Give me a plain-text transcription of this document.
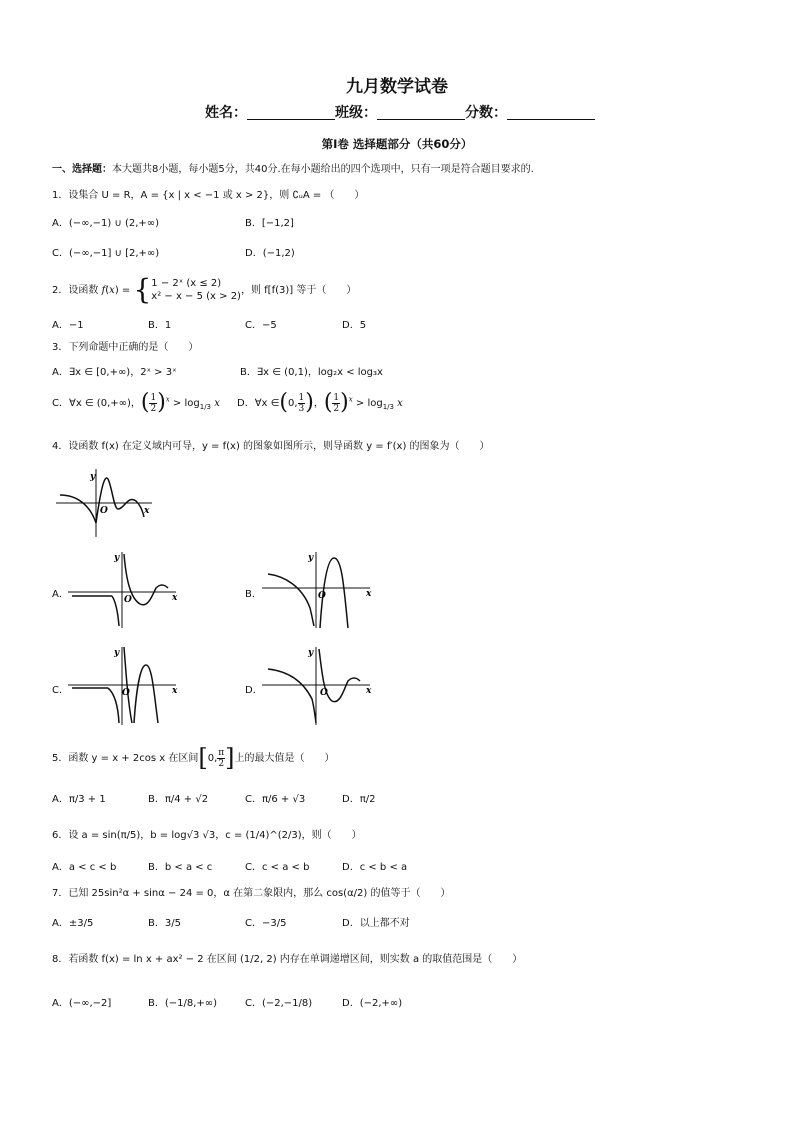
九月数学试卷
姓名：	班级：	分数：
第Ⅰ卷 选择题部分（共60分）
一、选择题：本大题共8小题，每小题5分，共40分.在每小题给出的四个选项中，只有一项是符合题目要求的.
1．设集合 U = R，A = {x | x < −1 或 x > 2}，则 ∁ᵤA = （　　）
A．(−∞,−1) ∪ (2,+∞)	B．[−1,2]
C．(−∞,−1] ∪ [2,+∞)	D．(−1,2)
2．设函数 f(x) = { 1 − 2ˣ (x ≤ 2)
x² − x − 5 (x > 2)
，则 f[f(3)] 等于（　　）
A．−1	B．1	C．−5	D．5
3．下列命题中正确的是（　　）
A．∃x ∈ [0,+∞)，2ˣ > 3ˣ	B．∃x ∈ (0,1)，log₂x < log₃x
C．∀x ∈ (0,+∞)，( $\frac{1}{2} )^x > \log_{1/3} x$ D．∀x ∈(0, $\frac{1}{3}$ )，( $\frac{1}{2} )^x > \log_{1/3} x$
4．设函数 f(x) 在定义域内可导，y = f(x) 的图象如图所示，则导函数 y = f′(x) 的图象为（　　）
y
x
O
A．
y
x
O	B．
y
x
O
C．
y
x
O	D．
y
x
O
5．函数 y = x + 2cos x 在区间[0, $\frac{\pi}{2}$ ]上的最大值是（　　）
A．π/3 + 1	B．π/4 + √2	C．π/6 + √3	D．π/2
6．设 a = sin(π/5)，b = log√3 √3，c = (1/4)^(2/3)，则（　　）
A．a < c < b	B．b < a < c	C．c < a < b	D．c < b < a
7．已知 25sin²α + sinα − 24 = 0，α 在第二象限内，那么 cos(α/2) 的值等于（　　）
A．±3/5	B．3/5	C．−3/5	D．以上都不对
8．若函数 f(x) = ln x + ax² − 2 在区间 (1/2, 2) 内存在单调递增区间，则实数 a 的取值范围是（　　）
A．(−∞,−2]	B．(−1/8,+∞)	C．(−2,−1/8)	D．(−2,+∞)
